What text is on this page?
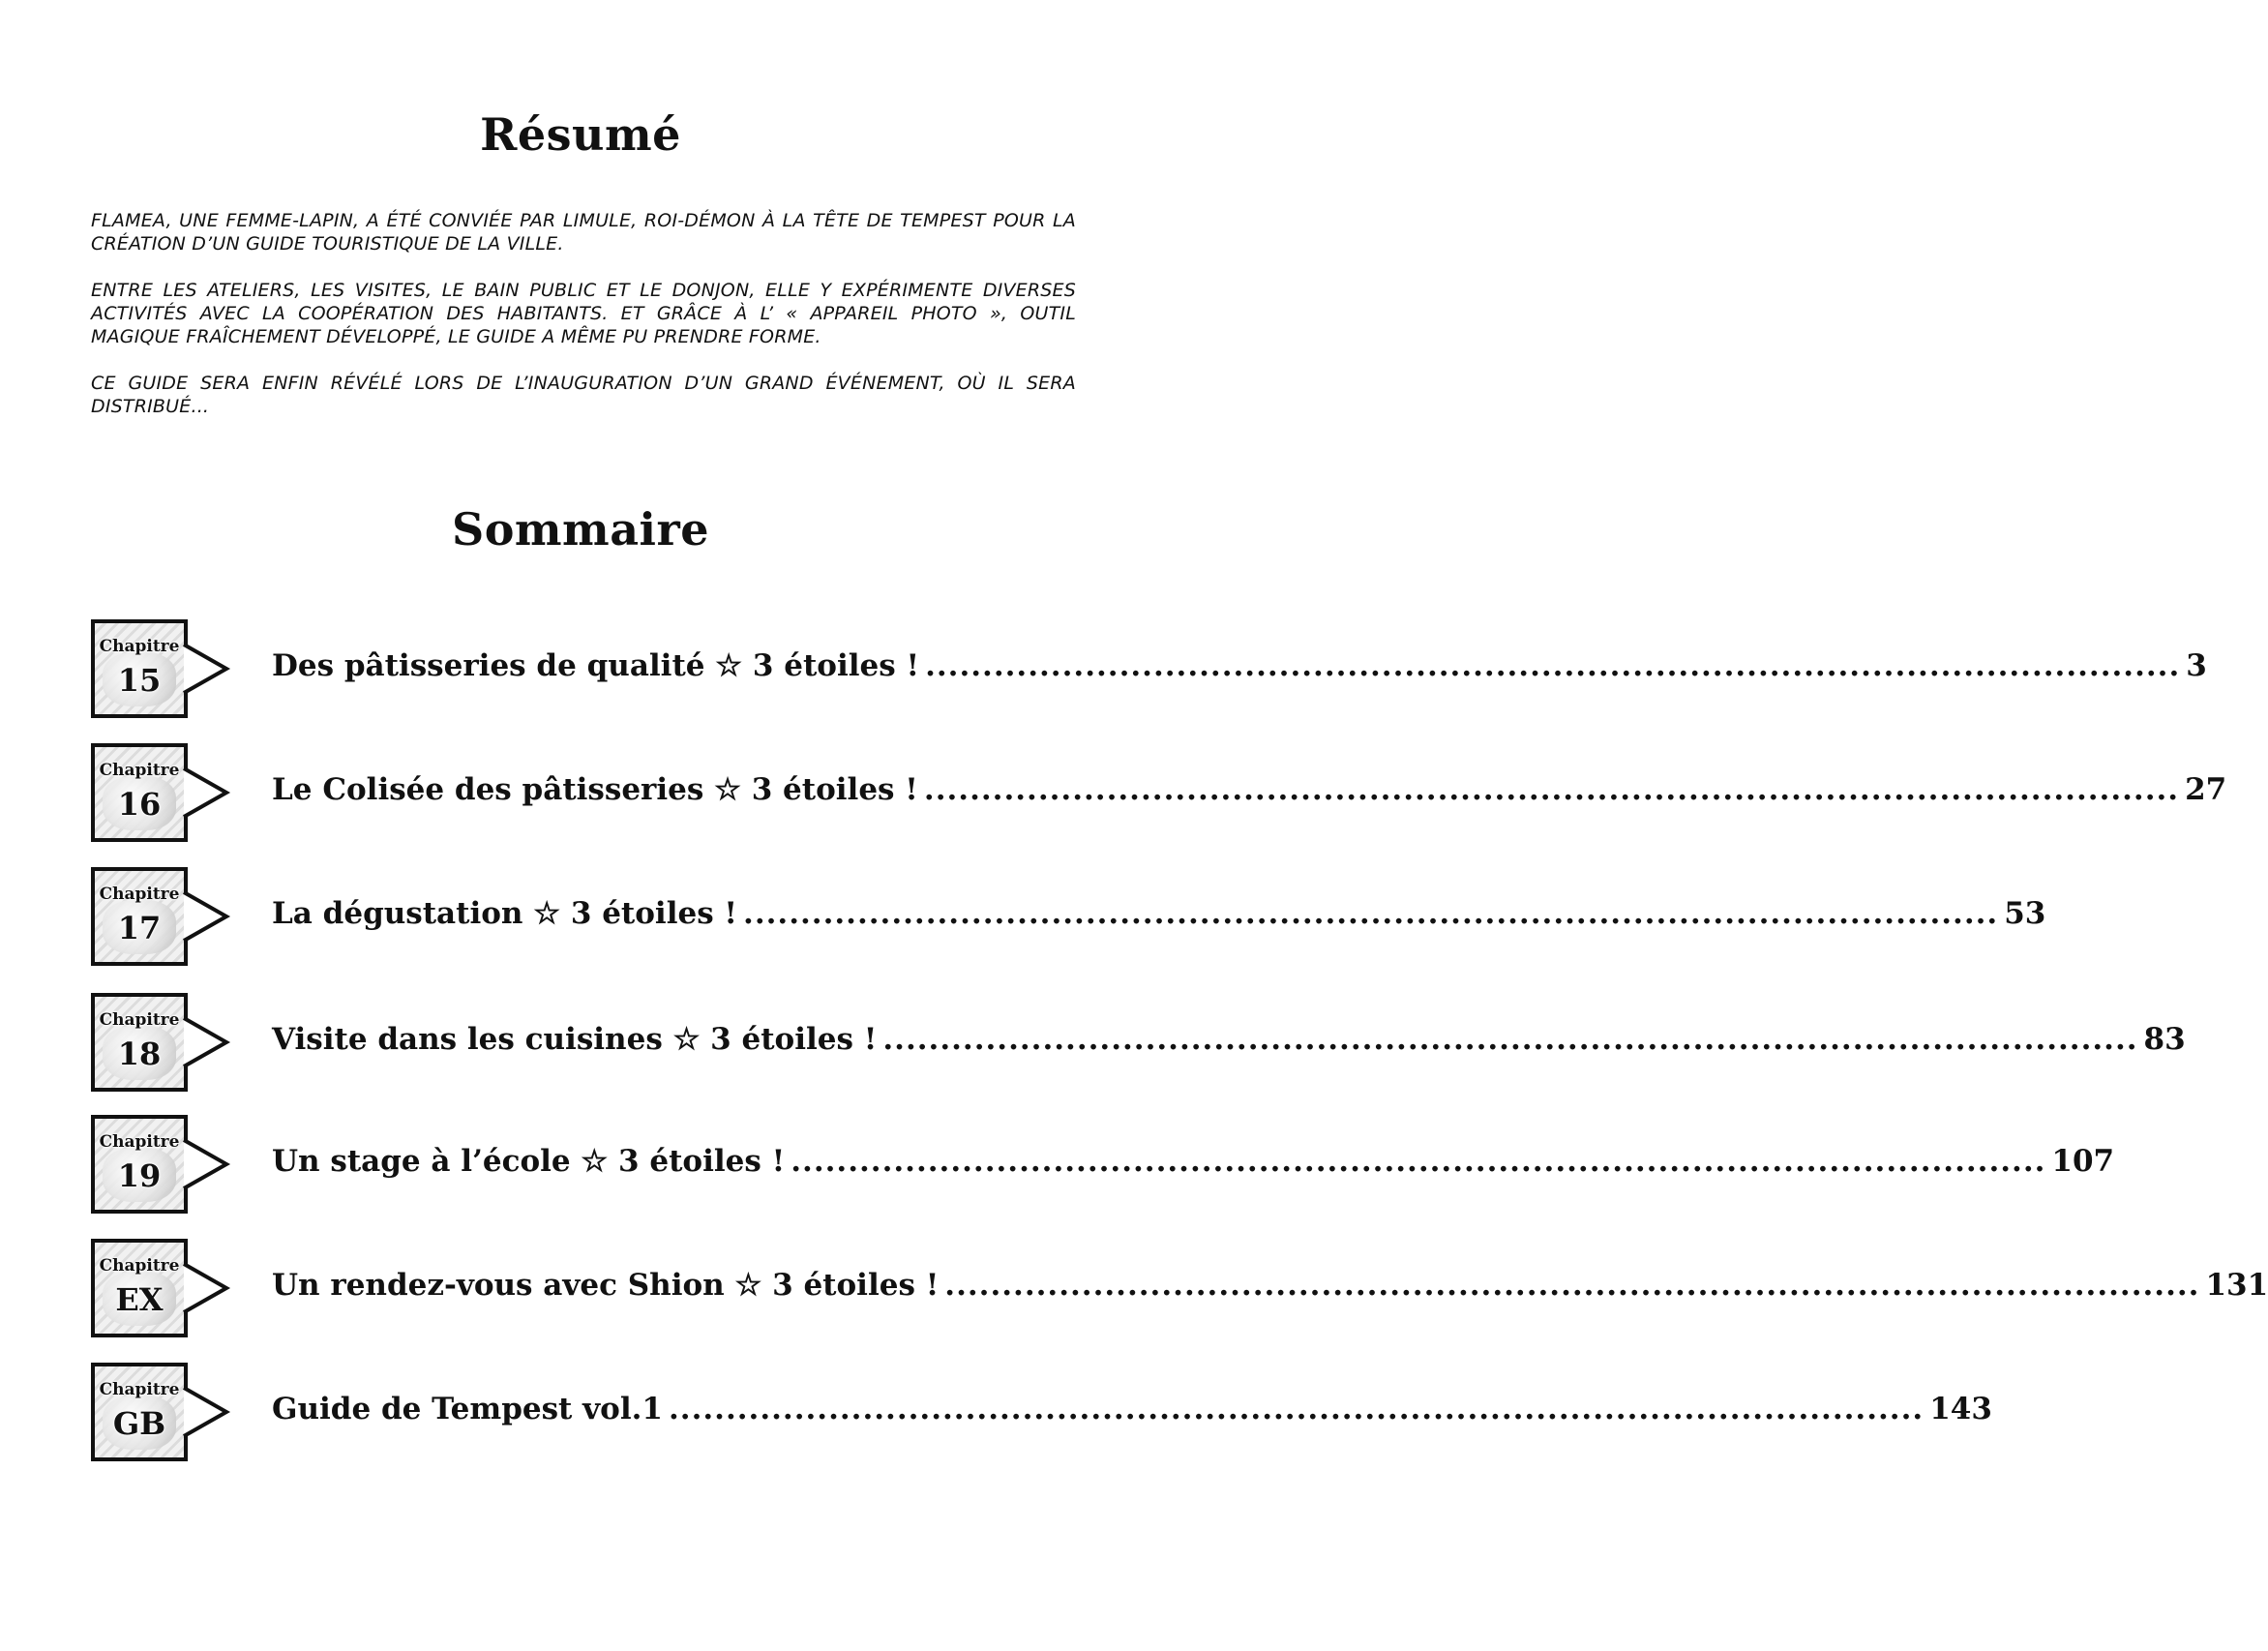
Résumé

FLAMEA, UNE FEMME-LAPIN, A ÉTÉ CONVIÉE PAR LIMULE, ROI-DÉMON À LA TÊTE DE TEMPEST POUR LA CRÉATION D’UN GUIDE TOURISTIQUE DE LA VILLE.

ENTRE LES ATELIERS, LES VISITES, LE BAIN PUBLIC ET LE DONJON, ELLE Y EXPÉRIMENTE DIVERSES ACTIVITÉS AVEC LA COOPÉRATION DES HABITANTS. ET GRÂCE À L’ « APPAREIL PHOTO », OUTIL MAGIQUE FRAÎCHEMENT DÉVELOPPÉ, LE GUIDE A MÊME PU PRENDRE FORME.

CE GUIDE SERA ENFIN RÉVÉLÉ LORS DE L’INAUGURATION D’UN GRAND ÉVÉNEMENT, OÙ IL SERA DISTRIBUÉ...

Sommaire
Chapitre
15	Des pâtisseries de qualité ☆ 3 étoiles ! .............................................................................................................. 3
Chapitre
16	Le Colisée des pâtisseries ☆ 3 étoiles ! .............................................................................................................. 27
Chapitre
17	La dégustation ☆ 3 étoiles ! .............................................................................................................. 53
Chapitre
18	Visite dans les cuisines ☆ 3 étoiles ! .............................................................................................................. 83
Chapitre
19	Un stage à l’école ☆ 3 étoiles ! .............................................................................................................. 107
Chapitre
EX	Un rendez-vous avec Shion ☆ 3 étoiles ! .............................................................................................................. 131
Chapitre
GB	Guide de Tempest vol.1 .............................................................................................................. 143
